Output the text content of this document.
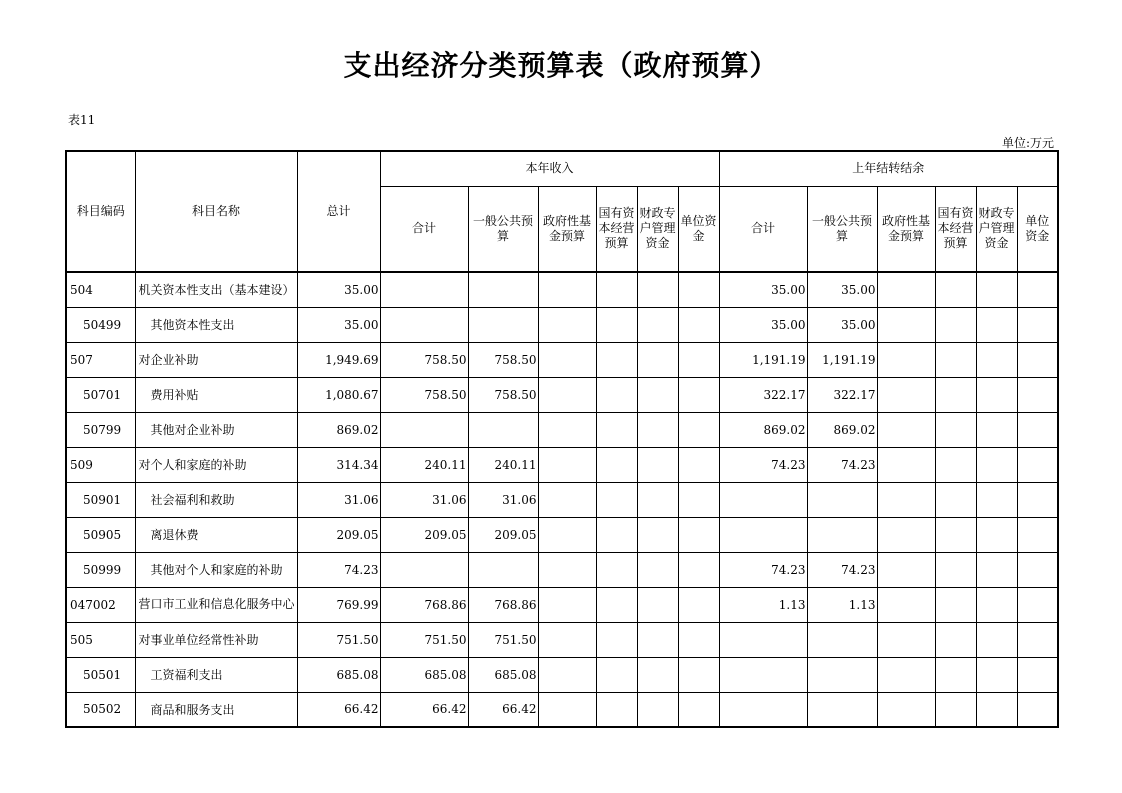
支出经济分类预算表（政府预算）
表11
单位:万元
科目编码	科目名称	总计	本年收入						上年结转结余					
			合计	一般公共预算	政府性基金预算	国有资本经营预算	财政专户管理资金	单位资金	合计	一般公共预算	政府性基金预算	国有资本经营预算	财政专户管理资金	单位资金
504	机关资本性支出（基本建设）	35.00							35.00	35.00				
50499	其他资本性支出	35.00							35.00	35.00				
507	对企业补助	1,949.69	758.50	758.50					1,191.19	1,191.19				
50701	费用补贴	1,080.67	758.50	758.50					322.17	322.17				
50799	其他对企业补助	869.02							869.02	869.02				
509	对个人和家庭的补助	314.34	240.11	240.11					74.23	74.23				
50901	社会福利和救助	31.06	31.06	31.06										
50905	离退休费	209.05	209.05	209.05										
50999	其他对个人和家庭的补助	74.23							74.23	74.23				
047002	营口市工业和信息化服务中心	769.99	768.86	768.86					1.13	1.13				
505	对事业单位经常性补助	751.50	751.50	751.50										
50501	工资福利支出	685.08	685.08	685.08										
50502	商品和服务支出	66.42	66.42	66.42										
